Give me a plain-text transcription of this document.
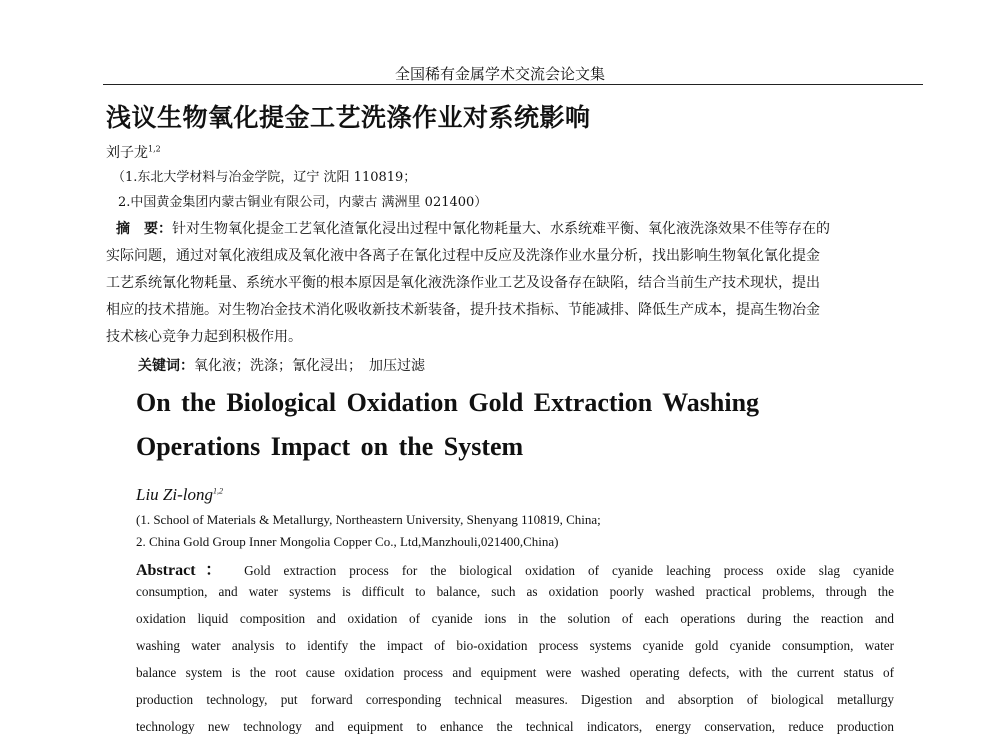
全国稀有金属学术交流会论文集
浅议生物氧化提金工艺洗涤作业对系统影响
刘子龙$^{1,2}$
（1.东北大学材料与冶金学院，辽宁 沈阳 110819；
2.中国黄金集团内蒙古铜业有限公司，内蒙古 满洲里 021400）
摘　要：针对生物氧化提金工艺氧化渣氰化浸出过程中氰化物耗量大、水系统难平衡、氧化液洗涤效果不佳等存在的
实际问题，通过对氧化液组成及氧化液中各离子在氰化过程中反应及洗涤作业水量分析，找出影响生物氧化氰化提金
工艺系统氰化物耗量、系统水平衡的根本原因是氧化液洗涤作业工艺及设备存在缺陷，结合当前生产技术现状，提出
相应的技术措施。对生物冶金技术消化吸收新技术新装备，提升技术指标、节能减排、降低生产成本，提高生物冶金
技术核心竞争力起到积极作用。
关键词：氧化液；洗涤；氰化浸出；　加压过滤
On the Biological Oxidation Gold Extraction Washing
Operations Impact on the System
Liu Zi-long$^{1,2}$
(1. School of Materials & Metallurgy, Northeastern University, Shenyang 110819, China;
2. China Gold Group Inner Mongolia Copper Co., Ltd,Manzhouli,021400,China)
Abstract： Gold extraction process for the biological oxidation of cyanide leaching process oxide slag cyanide
consumption, and water systems is difficult to balance, such as oxidation poorly washed practical problems, through the
oxidation liquid composition and oxidation of cyanide ions in the solution of each operations during the reaction and
washing water analysis to identify the impact of bio-oxidation process systems cyanide gold cyanide consumption, water
balance system is the root cause oxidation process and equipment were washed operating defects, with the current status of
production technology, put forward corresponding technical measures. Digestion and absorption of biological metallurgy
technology new technology and equipment to enhance the technical indicators, energy conservation, reduce production
